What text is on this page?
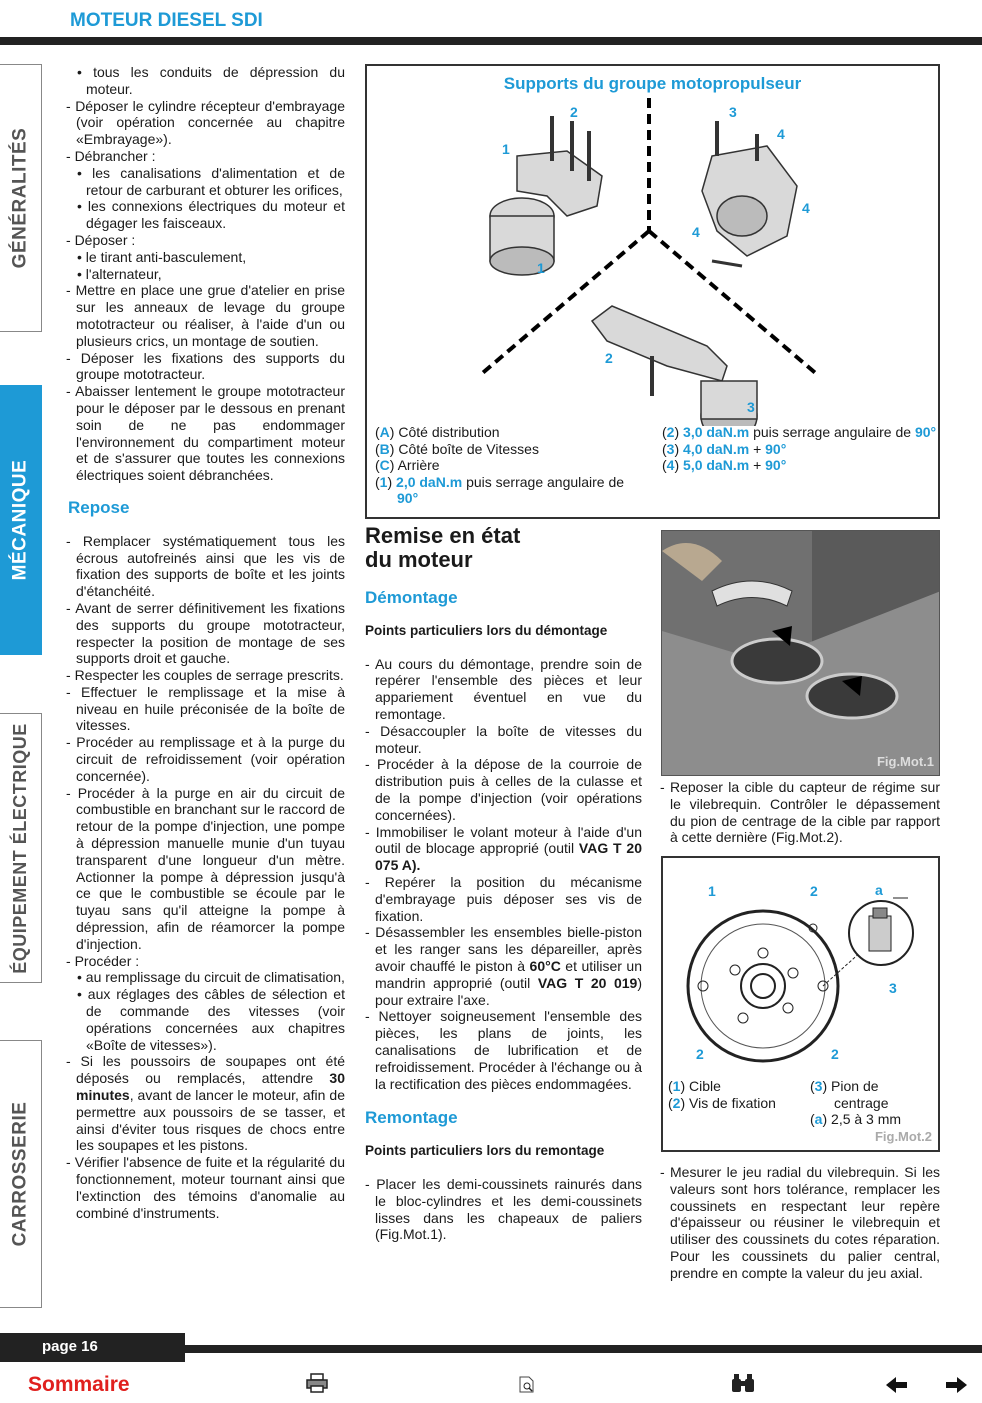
MOTEUR DIESEL SDI
GÉNÉRALITÉS
MÉCANIQUE
ÉQUIPEMENT ÉLECTRIQUE
CARROSSERIE

• tous les conduits de dépression du moteur.

- Déposer le cylindre récepteur d'embrayage (voir opération concernée au chapitre «Embrayage»).

- Débrancher :

• les canalisations d'alimentation et de retour de carburant et obturer les orifices,

• les connexions électriques du moteur et dégager les faisceaux.

- Déposer :

• le tirant anti-basculement,

• l'alternateur,

- Mettre en place une grue d'atelier en prise sur les anneaux de levage du groupe mototracteur ou réaliser, à l'aide d'un ou plusieurs crics, un montage de soutien.

- Déposer les fixations des supports du groupe mototracteur.

- Abaisser lentement le groupe mototracteur pour le déposer par le dessous en prenant soin de ne pas endommager l'environnement du compartiment moteur et de s'assurer que toutes les connexions électriques soient débranchées.

Repose

- Remplacer systématiquement tous les écrous autofreinés ainsi que les vis de fixation des supports de boîte et les joints d'étanchéité.

- Avant de serrer définitivement les fixations des supports du groupe mototracteur, respecter la position de montage de ses supports droit et gauche.

- Respecter les couples de serrage prescrits.

- Effectuer le remplissage et la mise à niveau en huile préconisée de la boîte de vitesses.

- Procéder au remplissage et à la purge du circuit de refroidissement (voir opération concernée).

- Procéder à la purge en air du circuit de combustible en branchant sur le raccord de retour de la pompe d'injection, une pompe à dépression manuelle munie d'un tuyau transparent d'une longueur d'un mètre. Actionner la pompe à dépression jusqu'à ce que le combustible se écoule par le tuyau sans qu'il atteigne la pompe à dépression, afin de réamorcer la pompe d'injection.

- Procéder :

• au remplissage du circuit de climatisation,

• aux réglages des câbles de sélection et de commande des vitesses (voir opérations concernées aux chapitres «Boîte de vitesses»).

- Si les poussoirs de soupapes ont été déposés ou remplacés, attendre 30 minutes, avant de lancer le moteur, afin de permettre aux poussoirs de se tasser, et ainsi d'éviter tous risques de chocs entre les soupapes et les pistons.

- Vérifier l'absence de fuite et la régularité du fonctionnement, moteur tournant ainsi que l'extinction des témoins d'anomalie au combiné d'instruments.

Supports du groupe motopropulseur
1
1
2
2
3
3
4
4
4

(A) Côté distribution

(B) Côté boîte de Vitesses

(C) Arrière

(1) 2,0 daN.m puis serrage angulaire de 90°

(2) 3,0 daN.m puis serrage angulaire de 90°

(3) 4,0 daN.m + 90°

(4) 5,0 daN.m + 90°

Remise en état
du moteur

Démontage

Points particuliers lors du démontage

- Au cours du démontage, prendre soin de repérer l'ensemble des pièces et leur appariement éventuel en vue du remontage.

- Désaccoupler la boîte de vitesses du moteur.

- Procéder à la dépose de la courroie de distribution puis à celles de la culasse et de la pompe d'injection (voir opérations concernées).

- Immobiliser le volant moteur à l'aide d'un outil de blocage approprié (outil VAG T 20 075 A).

- Repérer la position du mécanisme d'embrayage puis déposer ses vis de fixation.

- Désassembler les ensembles bielle-piston et les ranger sans les dépareiller, après avoir chauffé le piston à 60°C et utiliser un mandrin approprié (outil VAG T 20 019) pour extraire l'axe.

- Nettoyer soigneusement l'ensemble des pièces, les plans de joints, les canalisations de lubrification et de refroidissement. Procéder à l'échange ou à la rectification des pièces endommagées.

Remontage

Points particuliers lors du remontage

- Placer les demi-coussinets rainurés dans le bloc-cylindres et les demi-coussinets lisses dans les chapeaux de paliers (Fig.Mot.1).

Fig.Mot.1

- Reposer la cible du capteur de régime sur le vilebrequin. Contrôler le dépassement du pion de centrage de la cible par rapport à cette dernière (Fig.Mot.2).

1	2
2	2
3
a

(1) Cible

(2) Vis de fixation

(3) Pion de centrage

(a) 2,5 à 3 mm

Fig.Mot.2

- Mesurer le jeu radial du vilebrequin. Si les valeurs sont hors tolérance, remplacer les coussinets en respectant leur repère d'épaisseur ou réusiner le vilebrequin et utiliser des coussinets du cotes réparation. Pour les coussinets du palier central, prendre en compte la valeur du jeu axial.

page 16
Sommaire
